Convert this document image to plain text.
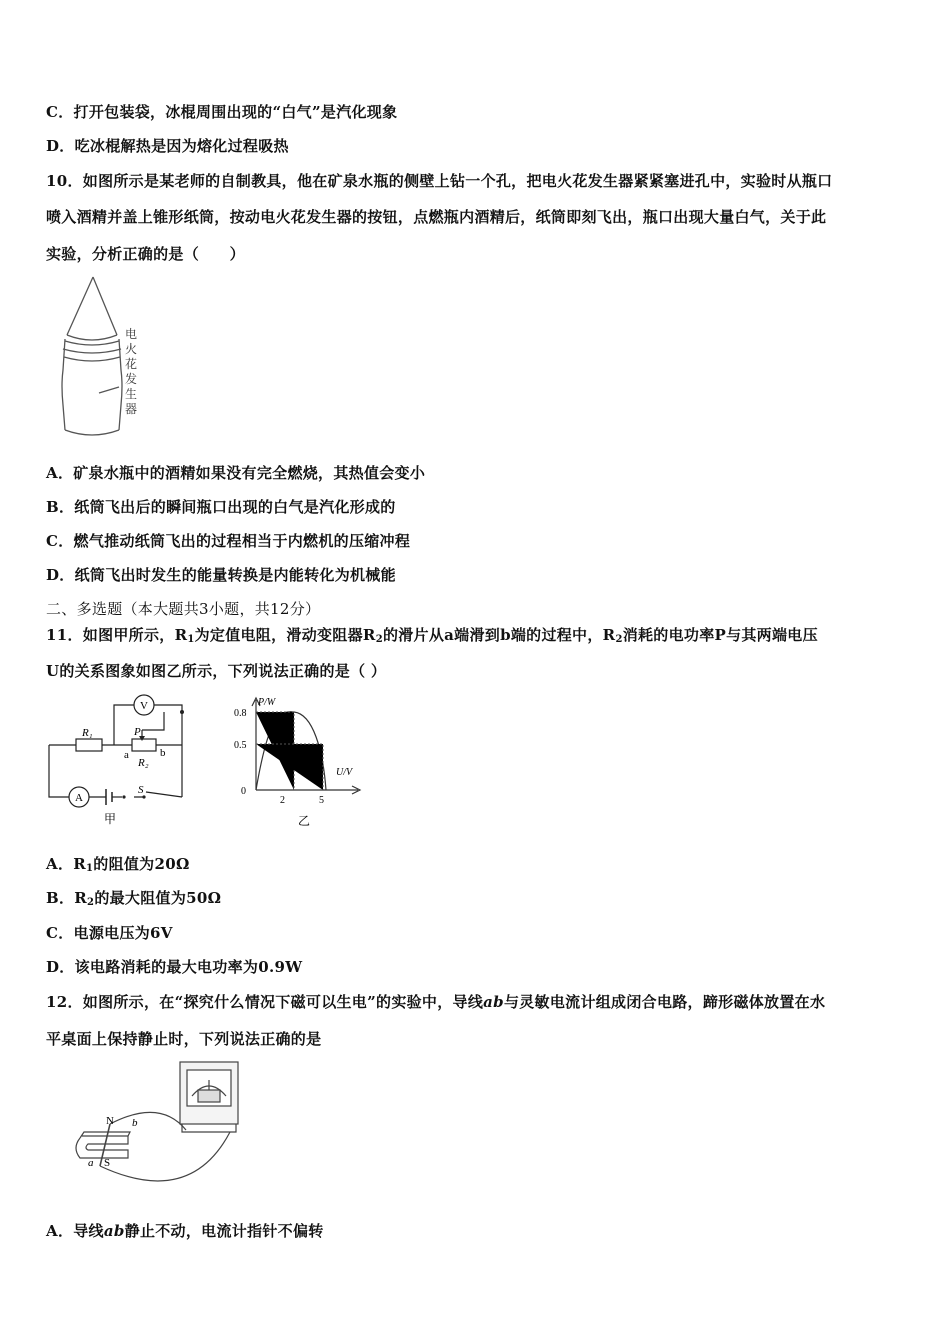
C．打开包装袋，冰棍周围出现的“白气”是汽化现象
D．吃冰棍解热是因为熔化过程吸热
10．如图所示是某老师的自制教具，他在矿泉水瓶的侧壁上钻一个孔，把电火花发生器紧紧塞进孔中，实验时从瓶口
喷入酒精并盖上锥形纸筒，按动电火花发生器的按钮，点燃瓶内酒精后，纸筒即刻飞出，瓶口出现大量白气，关于此
实验，分析正确的是（　　）
电火花发生器
A．矿泉水瓶中的酒精如果没有完全燃烧，其热值会变小
B．纸筒飞出后的瞬间瓶口出现的白气是汽化形成的
C．燃气推动纸筒飞出的过程相当于内燃机的压缩冲程
D．纸筒飞出时发生的能量转换是内能转化为机械能
二、多选题（本大题共3小题，共12分）
11．如图甲所示，$R_1$为定值电阻，滑动变阻器$R_2$的滑片从a端滑到b端的过程中，$R_2$消耗的电功率P与其两端电压
U的关系图象如图乙所示，下列说法正确的是（ ）
V
A
R₁	P
a	b
R₂
S
甲
P/W
U/V
0.8
0.5
0
2	5
乙
A．$R_1$的阻值为20Ω
B．$R_2$的最大阻值为50Ω
C．电源电压为6V
D．该电路消耗的最大电功率为0.9W
12．如图所示，在“探究什么情况下磁可以生电”的实验中，导线ab与灵敏电流计组成闭合电路，蹄形磁体放置在水
平桌面上保持静止时，下列说法正确的是
N
S
a
b
A．导线ab静止不动，电流计指针不偏转
